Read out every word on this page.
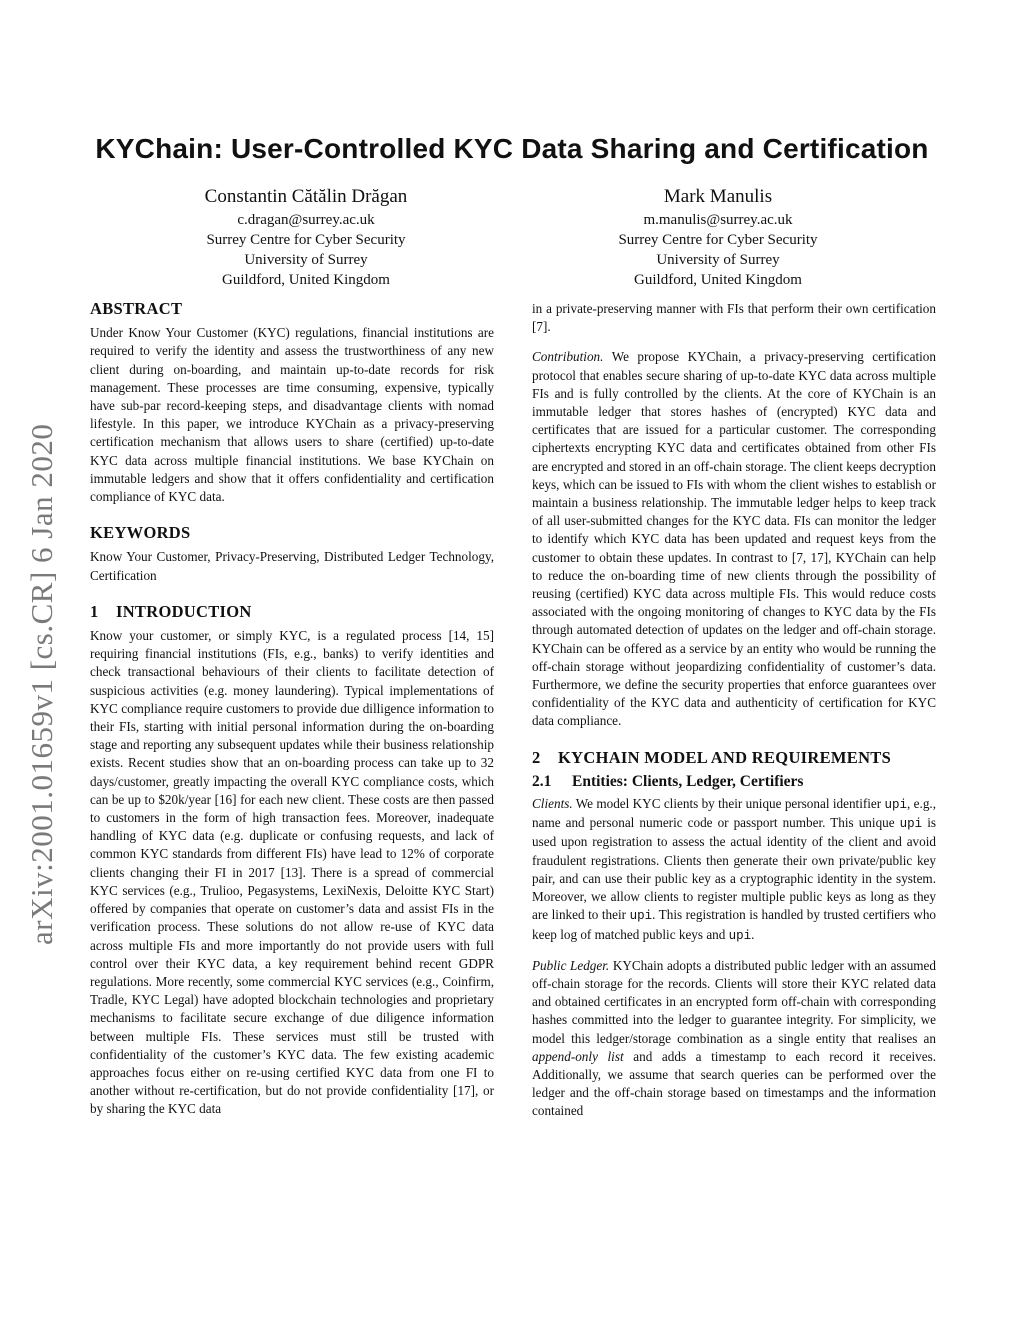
arXiv:2001.01659v1 [cs.CR] 6 Jan 2020
KYChain: User-Controlled KYC Data Sharing and Certification
Constantin Cătălin Drăgan
c.dragan@surrey.ac.uk
Surrey Centre for Cyber Security
University of Surrey
Guildford, United Kingdom
Mark Manulis
m.manulis@surrey.ac.uk
Surrey Centre for Cyber Security
University of Surrey
Guildford, United Kingdom
ABSTRACT

Under Know Your Customer (KYC) regulations, financial institutions are required to verify the identity and assess the trustworthiness of any new client during on-boarding, and maintain up-to-date records for risk management. These processes are time consuming, expensive, typically have sub-par record-keeping steps, and disadvantage clients with nomad lifestyle. In this paper, we introduce KYChain as a privacy-preserving certification mechanism that allows users to share (certified) up-to-date KYC data across multiple financial institutions. We base KYChain on immutable ledgers and show that it offers confidentiality and certification compliance of KYC data.

KEYWORDS

Know Your Customer, Privacy-Preserving, Distributed Ledger Technology, Certification

1 INTRODUCTION

Know your customer, or simply KYC, is a regulated process [14, 15] requiring financial institutions (FIs, e.g., banks) to verify identities and check transactional behaviours of their clients to facilitate detection of suspicious activities (e.g. money laundering). Typical implementations of KYC compliance require customers to provide due dilligence information to their FIs, starting with initial personal information during the on-boarding stage and reporting any subsequent updates while their business relationship exists. Recent studies show that an on-boarding process can take up to 32 days/customer, greatly impacting the overall KYC compliance costs, which can be up to $20k/year [16] for each new client. These costs are then passed to customers in the form of high transaction fees. Moreover, inadequate handling of KYC data (e.g. duplicate or confusing requests, and lack of common KYC standards from different FIs) have lead to 12% of corporate clients changing their FI in 2017 [13]. There is a spread of commercial KYC services (e.g., Trulioo, Pegasystems, LexiNexis, Deloitte KYC Start) offered by companies that operate on customer’s data and assist FIs in the verification process. These solutions do not allow re-use of KYC data across multiple FIs and more importantly do not provide users with full control over their KYC data, a key requirement behind recent GDPR regulations. More recently, some commercial KYC services (e.g., Coinfirm, Tradle, KYC Legal) have adopted blockchain technologies and proprietary mechanisms to facilitate secure exchange of due diligence information between multiple FIs. These services must still be trusted with confidentiality of the customer’s KYC data. The few existing academic approaches focus either on re-using certified KYC data from one FI to another without re-certification, but do not provide confidentiality [17], or by sharing the KYC data

in a private-preserving manner with FIs that perform their own certification [7].

Contribution. We propose KYChain, a privacy-preserving certification protocol that enables secure sharing of up-to-date KYC data across multiple FIs and is fully controlled by the clients. At the core of KYChain is an immutable ledger that stores hashes of (encrypted) KYC data and certificates that are issued for a particular customer. The corresponding ciphertexts encrypting KYC data and certificates obtained from other FIs are encrypted and stored in an off-chain storage. The client keeps decryption keys, which can be issued to FIs with whom the client wishes to establish or maintain a business relationship. The immutable ledger helps to keep track of all user-submitted changes for the KYC data. FIs can monitor the ledger to identify which KYC data has been updated and request keys from the customer to obtain these updates. In contrast to [7, 17], KYChain can help to reduce the on-boarding time of new clients through the possibility of reusing (certified) KYC data across multiple FIs. This would reduce costs associated with the ongoing monitoring of changes to KYC data by the FIs through automated detection of updates on the ledger and off-chain storage. KYChain can be offered as a service by an entity who would be running the off-chain storage without jeopardizing confidentiality of customer’s data. Furthermore, we define the security properties that enforce guarantees over confidentiality of the KYC data and authenticity of certification for KYC data compliance.

2 KYCHAIN MODEL AND REQUIREMENTS
2.1 Entities: Clients, Ledger, Certifiers

Clients. We model KYC clients by their unique personal identifier upi, e.g., name and personal numeric code or passport number. This unique upi is used upon registration to assess the actual identity of the client and avoid fraudulent registrations. Clients then generate their own private/public key pair, and can use their public key as a cryptographic identity in the system. Moreover, we allow clients to register multiple public keys as long as they are linked to their upi. This registration is handled by trusted certifiers who keep log of matched public keys and upi.

Public Ledger. KYChain adopts a distributed public ledger with an assumed off-chain storage for the records. Clients will store their KYC related data and obtained certificates in an encrypted form off-chain with corresponding hashes committed into the ledger to guarantee integrity. For simplicity, we model this ledger/storage combination as a single entity that realises an append-only list and adds a timestamp to each record it receives. Additionally, we assume that search queries can be performed over the ledger and the off-chain storage based on timestamps and the information contained
